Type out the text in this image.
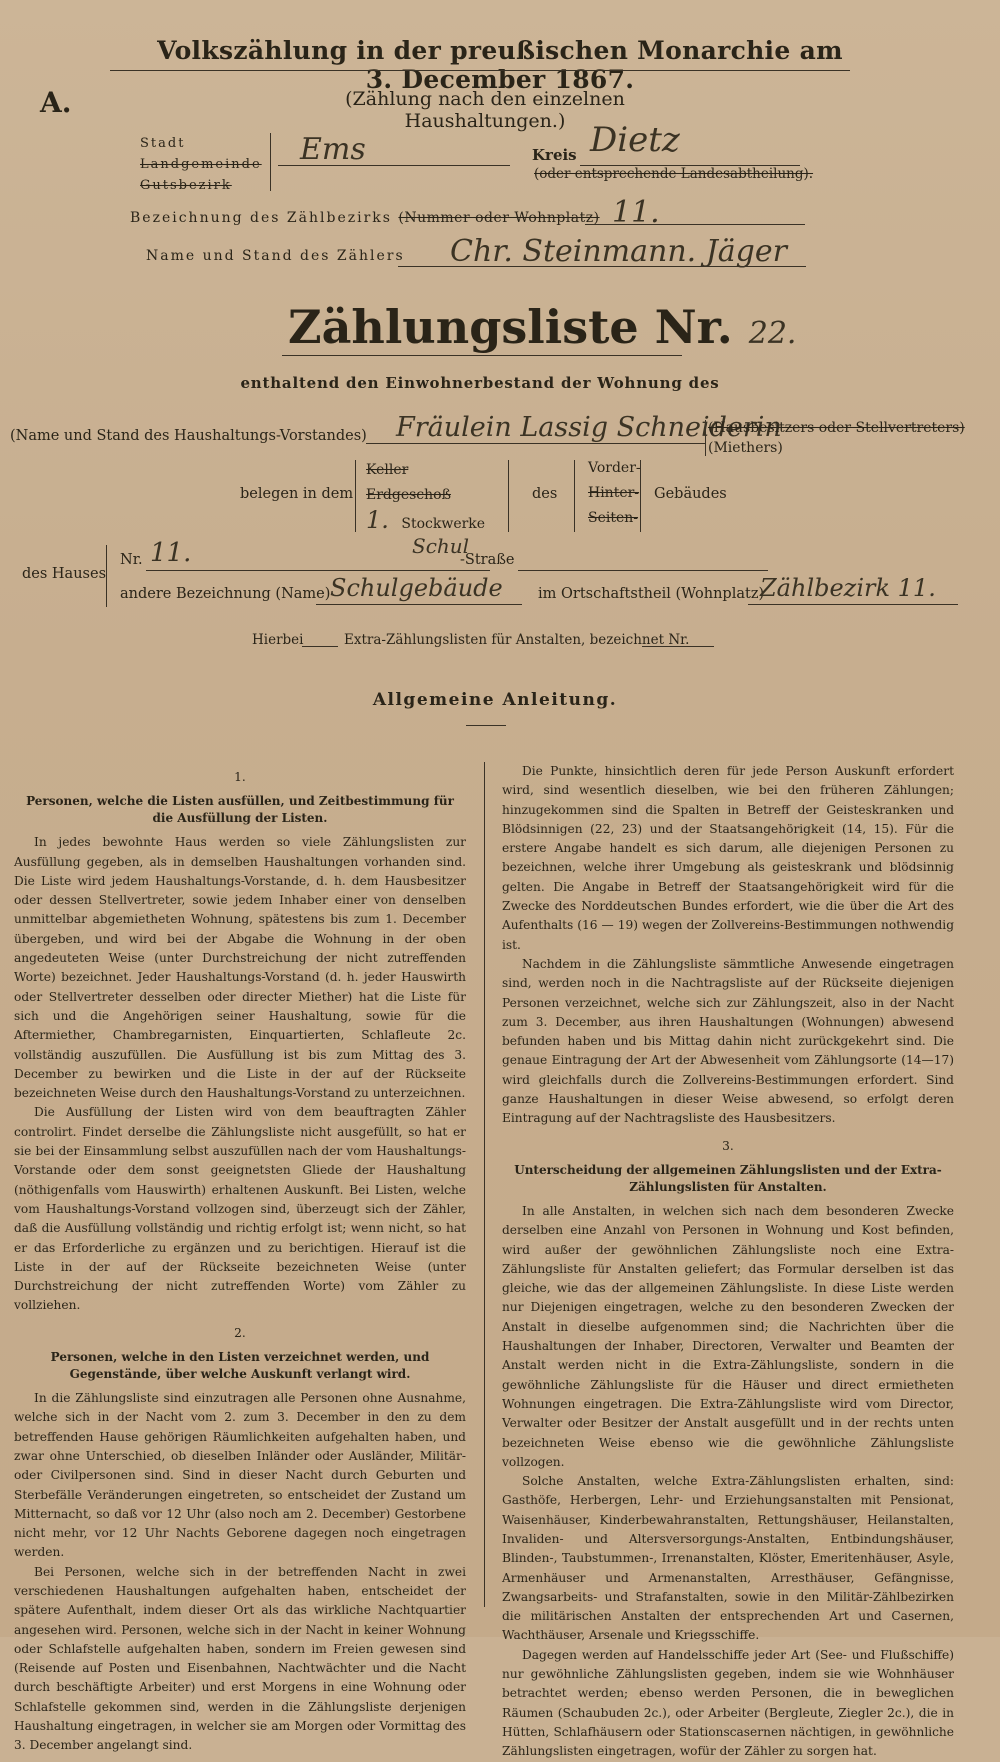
Volkszählung in der preußischen Monarchie am 3. December 1867.
A.	(Zählung nach den einzelnen Haushaltungen.)
Stadt
Landgemeinde
Gutsbezirk
Ems	Kreis Dietz
(oder entsprechende Landesabtheilung).
Bezeichnung des Zählbezirks (Nummer oder Wohnplatz) 11.
Name und Stand des Zählers Chr. Steinmann. Jäger
Zählungsliste Nr. 22.
enthaltend den Einwohnerbestand der Wohnung des
(Name und Stand des Haushaltungs-Vorstandes) Fräulein Lassig Schneiderin
(Hausbesitzers oder Stellvertreters)
(Miethers)
belegen in dem
Keller
Erdgeschoß
1. Stockwerke
des
Vorder-
Hinter-
Seiten-
Gebäudes
des Hauses
Nr. 11.	Schul
-Straße
andere Bezeichnung (Name) Schulgebäude im Ortschaftstheil (Wohnplatz)
Zählbezirk 11.
Hierbei	Extra-Zählungslisten für Anstalten, bezeichnet Nr.
Allgemeine Anleitung.
1.
Personen, welche die Listen ausfüllen, und Zeitbestimmung für die Ausfüllung der Listen.

In jedes bewohnte Haus werden so viele Zählungslisten zur Ausfüllung gegeben, als in demselben Haushaltungen vorhanden sind. Die Liste wird jedem Haushaltungs-Vorstande, d. h. dem Hausbesitzer oder dessen Stellvertreter, sowie jedem Inhaber einer von denselben unmittelbar abgemietheten Wohnung, spätestens bis zum 1. December übergeben, und wird bei der Abgabe die Wohnung in der oben angedeuteten Weise (unter Durchstreichung der nicht zutreffenden Worte) bezeichnet. Jeder Haushaltungs-Vorstand (d. h. jeder Hauswirth oder Stellvertreter desselben oder directer Miether) hat die Liste für sich und die Angehörigen seiner Haushaltung, sowie für die Aftermiether, Chambregarnisten, Einquartierten, Schlafleute 2c. vollständig auszufüllen. Die Ausfüllung ist bis zum Mittag des 3. December zu bewirken und die Liste in der auf der Rückseite bezeichneten Weise durch den Haushaltungs-Vorstand zu unterzeichnen.

Die Ausfüllung der Listen wird von dem beauftragten Zähler controlirt. Findet derselbe die Zählungsliste nicht ausgefüllt, so hat er sie bei der Einsammlung selbst auszufüllen nach der vom Haushaltungs-Vorstande oder dem sonst geeignetsten Gliede der Haushaltung (nöthigenfalls vom Hauswirth) erhaltenen Auskunft. Bei Listen, welche vom Haushaltungs-Vorstand vollzogen sind, überzeugt sich der Zähler, daß die Ausfüllung vollständig und richtig erfolgt ist; wenn nicht, so hat er das Erforderliche zu ergänzen und zu berichtigen. Hierauf ist die Liste in der auf der Rückseite bezeichneten Weise (unter Durchstreichung der nicht zutreffenden Worte) vom Zähler zu vollziehen.

2.
Personen, welche in den Listen verzeichnet werden, und Gegenstände, über welche Auskunft verlangt wird.

In die Zählungsliste sind einzutragen alle Personen ohne Ausnahme, welche sich in der Nacht vom 2. zum 3. December in den zu dem betreffenden Hause gehörigen Räumlichkeiten aufgehalten haben, und zwar ohne Unterschied, ob dieselben Inländer oder Ausländer, Militär- oder Civilpersonen sind. Sind in dieser Nacht durch Geburten und Sterbefälle Veränderungen eingetreten, so entscheidet der Zustand um Mitternacht, so daß vor 12 Uhr (also noch am 2. December) Gestorbene nicht mehr, vor 12 Uhr Nachts Geborene dagegen noch eingetragen werden.

Bei Personen, welche sich in der betreffenden Nacht in zwei verschiedenen Haushaltungen aufgehalten haben, entscheidet der spätere Aufenthalt, indem dieser Ort als das wirkliche Nachtquartier angesehen wird. Personen, welche sich in der Nacht in keiner Wohnung oder Schlafstelle aufgehalten haben, sondern im Freien gewesen sind (Reisende auf Posten und Eisenbahnen, Nachtwächter und die Nacht durch beschäftigte Arbeiter) und erst Morgens in eine Wohnung oder Schlafstelle gekommen sind, werden in die Zählungsliste derjenigen Haushaltung eingetragen, in welcher sie am Morgen oder Vormittag des 3. December angelangt sind.

Die Punkte, hinsichtlich deren für jede Person Auskunft erfordert wird, sind wesentlich dieselben, wie bei den früheren Zählungen; hinzugekommen sind die Spalten in Betreff der Geisteskranken und Blödsinnigen (22, 23) und der Staatsangehörigkeit (14, 15). Für die erstere Angabe handelt es sich darum, alle diejenigen Personen zu bezeichnen, welche ihrer Umgebung als geisteskrank und blödsinnig gelten. Die Angabe in Betreff der Staatsangehörigkeit wird für die Zwecke des Norddeutschen Bundes erfordert, wie die über die Art des Aufenthalts (16 — 19) wegen der Zollvereins-Bestimmungen nothwendig ist.

Nachdem in die Zählungsliste sämmtliche Anwesende eingetragen sind, werden noch in die Nachtragsliste auf der Rückseite diejenigen Personen verzeichnet, welche sich zur Zählungszeit, also in der Nacht zum 3. December, aus ihren Haushaltungen (Wohnungen) abwesend befunden haben und bis Mittag dahin nicht zurückgekehrt sind. Die genaue Eintragung der Art der Abwesenheit vom Zählungsorte (14—17) wird gleichfalls durch die Zollvereins-Bestimmungen erfordert. Sind ganze Haushaltungen in dieser Weise abwesend, so erfolgt deren Eintragung auf der Nachtragsliste des Hausbesitzers.

3.
Unterscheidung der allgemeinen Zählungslisten und der Extra-Zählungslisten für Anstalten.

In alle Anstalten, in welchen sich nach dem besonderen Zwecke derselben eine Anzahl von Personen in Wohnung und Kost befinden, wird außer der gewöhnlichen Zählungsliste noch eine Extra-Zählungsliste für Anstalten geliefert; das Formular derselben ist das gleiche, wie das der allgemeinen Zählungsliste. In diese Liste werden nur Diejenigen eingetragen, welche zu den besonderen Zwecken der Anstalt in dieselbe aufgenommen sind; die Nachrichten über die Haushaltungen der Inhaber, Directoren, Verwalter und Beamten der Anstalt werden nicht in die Extra-Zählungsliste, sondern in die gewöhnliche Zählungsliste für die Häuser und direct ermietheten Wohnungen eingetragen. Die Extra-Zählungsliste wird vom Director, Verwalter oder Besitzer der Anstalt ausgefüllt und in der rechts unten bezeichneten Weise ebenso wie die gewöhnliche Zählungsliste vollzogen.

Solche Anstalten, welche Extra-Zählungslisten erhalten, sind: Gasthöfe, Herbergen, Lehr- und Erziehungsanstalten mit Pensionat, Waisenhäuser, Kinderbewahranstalten, Rettungshäuser, Heilanstalten, Invaliden- und Altersversorgungs-Anstalten, Entbindungshäuser, Blinden-, Taubstummen-, Irrenanstalten, Klöster, Emeritenhäuser, Asyle, Armenhäuser und Armenanstalten, Arresthäuser, Gefängnisse, Zwangsarbeits- und Strafanstalten, sowie in den Militär-Zählbezirken die militärischen Anstalten der entsprechenden Art und Casernen, Wachthäuser, Arsenale und Kriegsschiffe.

Dagegen werden auf Handelsschiffe jeder Art (See- und Flußschiffe) nur gewöhnliche Zählungslisten gegeben, indem sie wie Wohnhäuser betrachtet werden; ebenso werden Personen, die in beweglichen Räumen (Schaubuden 2c.), oder Arbeiter (Bergleute, Ziegler 2c.), die in Hütten, Schlafhäusern oder Stationscasernen nächtigen, in gewöhnliche Zählungslisten eingetragen, wofür der Zähler zu sorgen hat.
